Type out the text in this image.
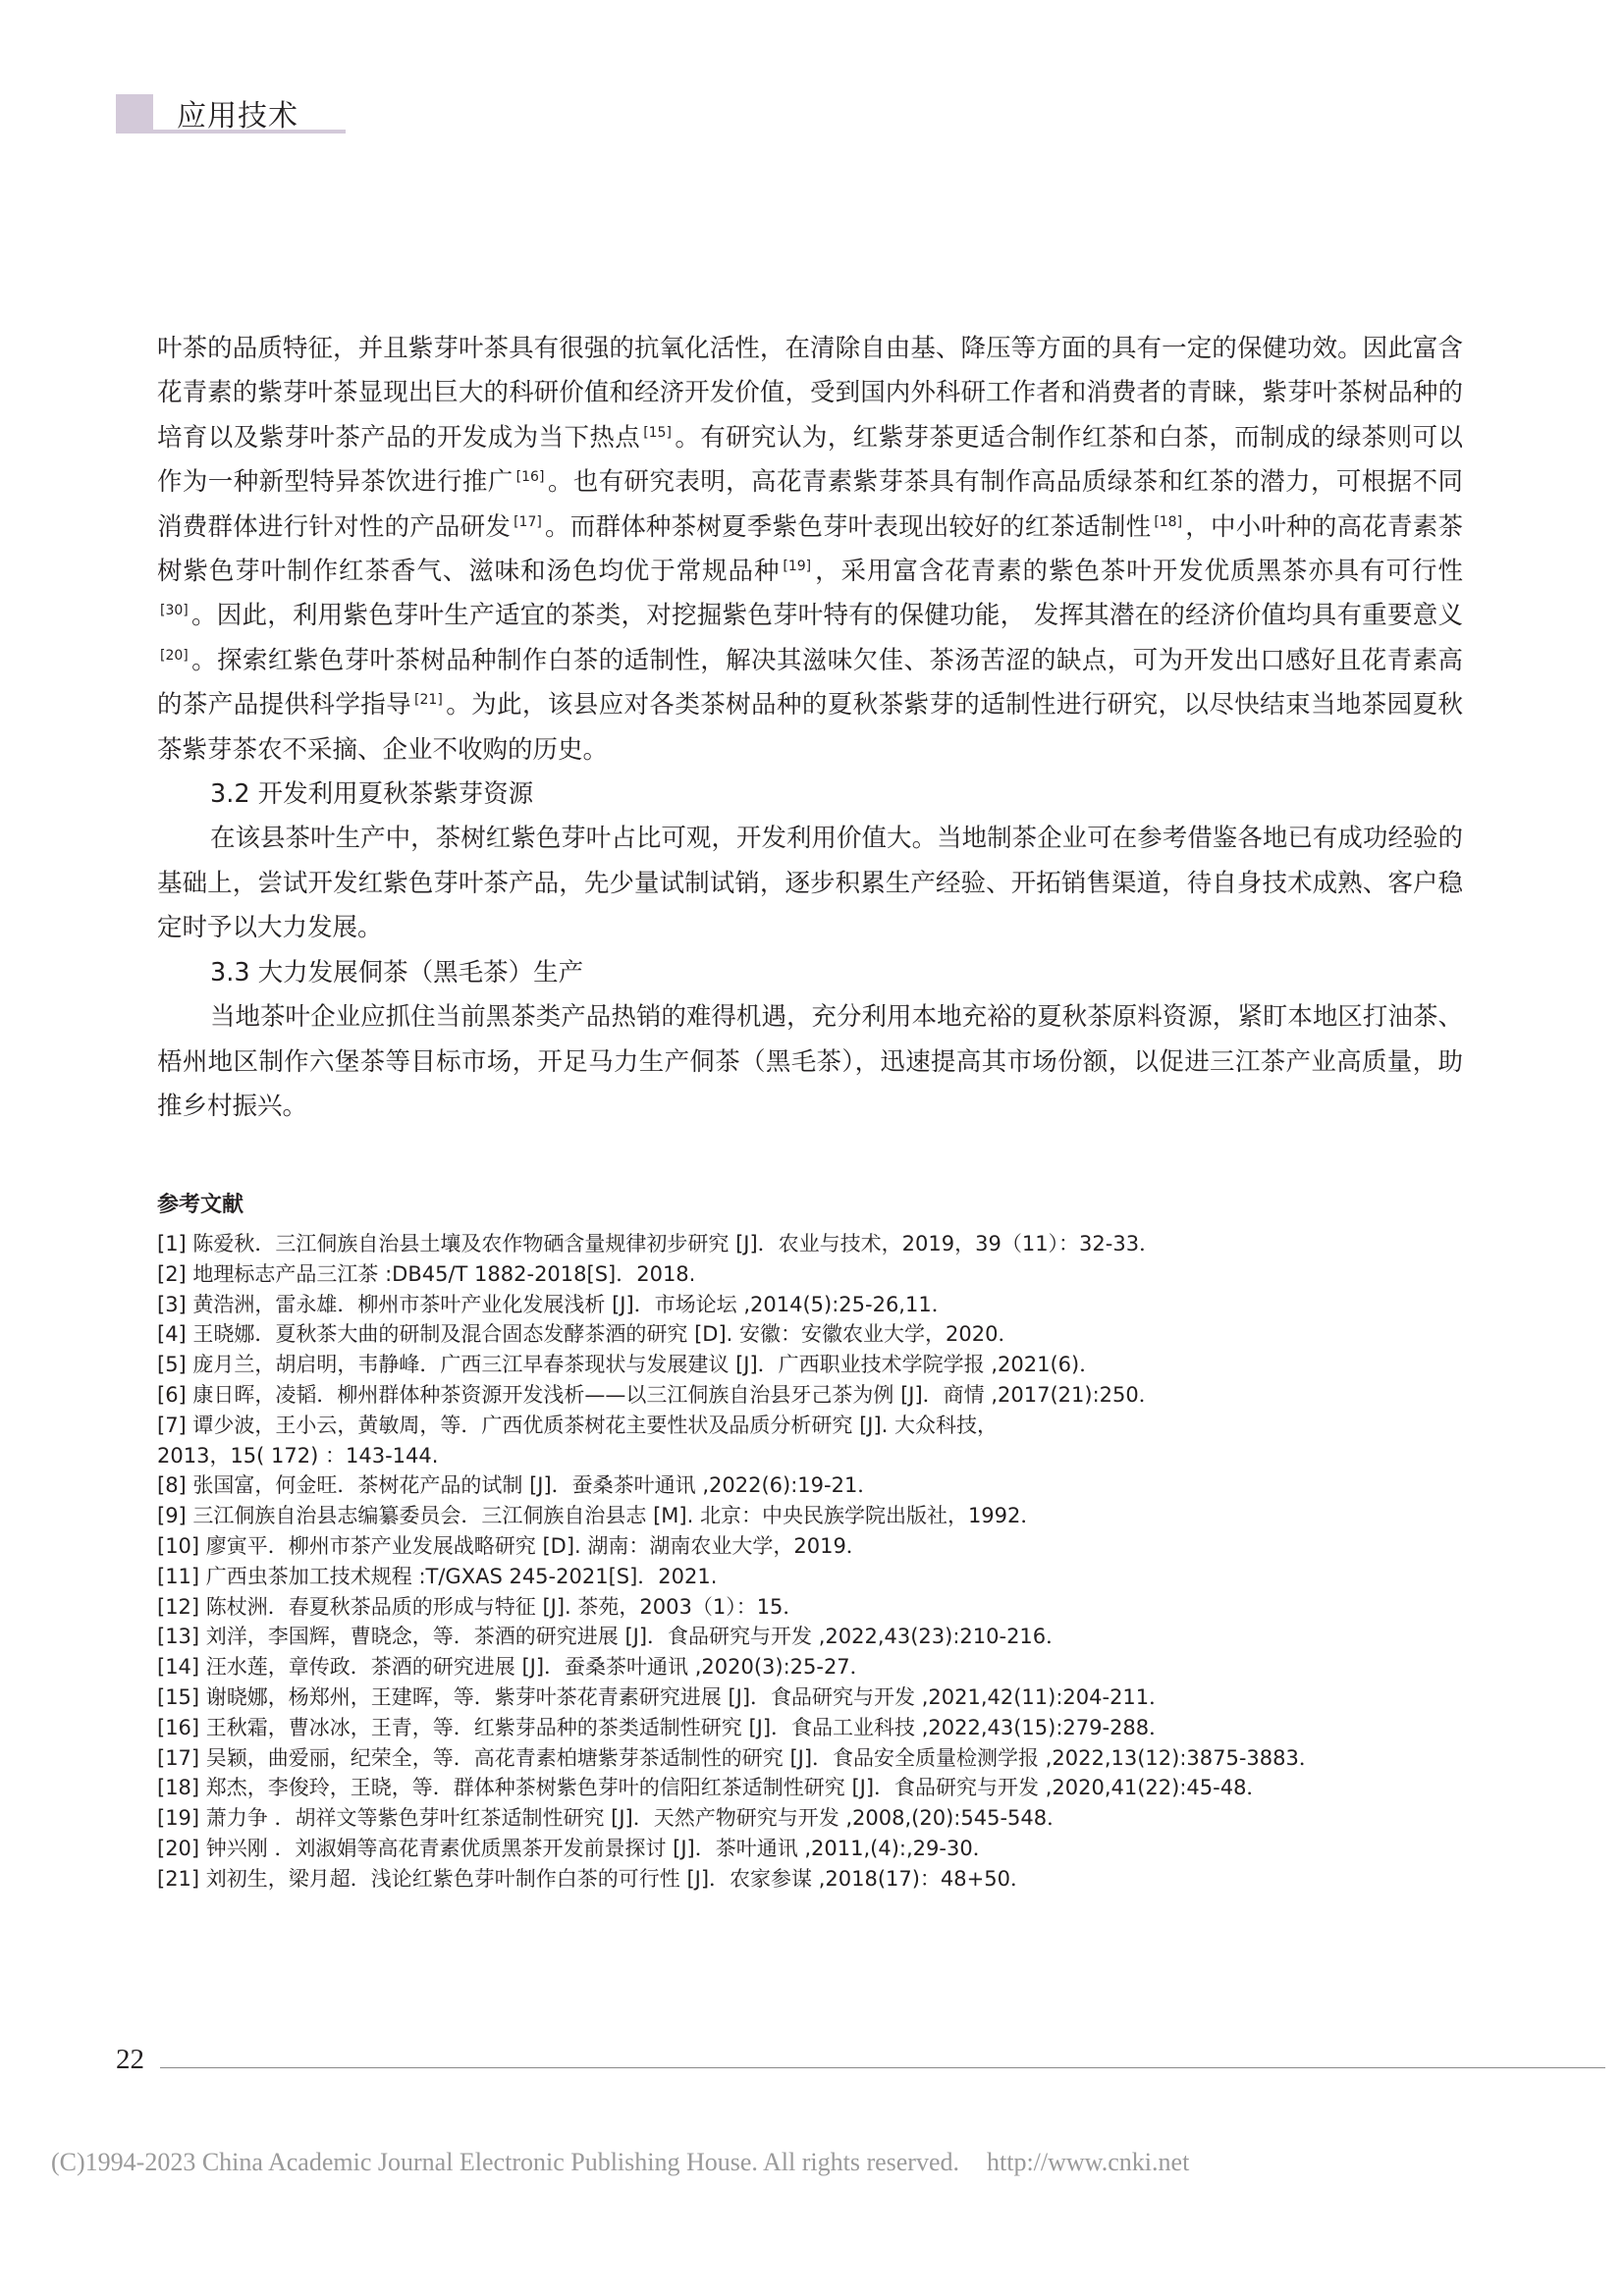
应用技术

叶茶的品质特征，并且紫芽叶茶具有很强的抗氧化活性，在清除自由基、降压等方面的具有一定的保健功效。因此富含花青素的紫芽叶茶显现出巨大的科研价值和经济开发价值，受到国内外科研工作者和消费者的青睐，紫芽叶茶树品种的培育以及紫芽叶茶产品的开发成为当下热点 [15] 。有研究认为，红紫芽茶更适合制作红茶和白茶，而制成的绿茶则可以作为一种新型特异茶饮进行推广 [16] 。也有研究表明，高花青素紫芽茶具有制作高品质绿茶和红茶的潜力，可根据不同消费群体进行针对性的产品研发 [17] 。而群体种茶树夏季紫色芽叶表现出较好的红茶适制性 [18] ，中小叶种的高花青素茶树紫色芽叶制作红茶香气、滋味和汤色均优于常规品种 [19] ，采用富含花青素的紫色茶叶开发优质黑茶亦具有可行性[30] 。因此，利用紫色芽叶生产适宜的茶类，对挖掘紫色芽叶特有的保健功能， 发挥其潜在的经济价值均具有重要意义[20] 。探索红紫色芽叶茶树品种制作白茶的适制性，解决其滋味欠佳、茶汤苦涩的缺点，可为开发出口感好且花青素高的茶产品提供科学指导 [21] 。为此，该县应对各类茶树品种的夏秋茶紫芽的适制性进行研究，以尽快结束当地茶园夏秋茶紫芽茶农不采摘、企业不收购的历史。

3.2 开发利用夏秋茶紫芽资源

在该县茶叶生产中，茶树红紫色芽叶占比可观，开发利用价值大。当地制茶企业可在参考借鉴各地已有成功经验的基础上，尝试开发红紫色芽叶茶产品，先少量试制试销，逐步积累生产经验、开拓销售渠道，待自身技术成熟、客户稳定时予以大力发展。

3.3 大力发展侗茶（黑毛茶）生产

当地茶叶企业应抓住当前黑茶类产品热销的难得机遇，充分利用本地充裕的夏秋茶原料资源，紧盯本地区打油茶、梧州地区制作六堡茶等目标市场，开足马力生产侗茶（黑毛茶），迅速提高其市场份额，以促进三江茶产业高质量，助推乡村振兴。

参考文献
[1] 陈爱秋．三江侗族自治县土壤及农作物硒含量规律初步研究 [J]．农业与技术，2019，39（11）：32-33．
[2] 地理标志产品三江茶 :DB45/T 1882-2018[S]．2018.
[3] 黄浩洲，雷永雄．柳州市茶叶产业化发展浅析 [J]．市场论坛 ,2014(5):25-26,11．
[4] 王晓娜．夏秋茶大曲的研制及混合固态发酵茶酒的研究 [D]. 安徽：安徽农业大学，2020．
[5] 庞月兰，胡启明，韦静峰．广西三江早春茶现状与发展建议 [J]．广西职业技术学院学报 ,2021(6)．
[6] 康日晖，凌韬．柳州群体种茶资源开发浅析——以三江侗族自治县牙己茶为例 [J]．商情 ,2017(21):250．
[7] 谭少波，王小云，黄敏周，等．广西优质茶树花主要性状及品质分析研究 [J]. 大众科技，
2013，15( 172) ：143-144.
[8] 张国富，何金旺．茶树花产品的试制 [J]．蚕桑茶叶通讯 ,2022(6):19-21．
[9] 三江侗族自治县志编纂委员会．三江侗族自治县志 [M]. 北京：中央民族学院出版社，1992．
[10] 廖寅平．柳州市茶产业发展战略研究 [D]. 湖南：湖南农业大学，2019．
[11] 广西虫茶加工技术规程 :T/GXAS 245-2021[S]．2021.
[12] 陈杖洲．春夏秋茶品质的形成与特征 [J]. 茶苑，2003（1）：15．
[13] 刘洋，李国辉，曹晓念，等．茶酒的研究进展 [J]．食品研究与开发 ,2022,43(23):210-216．
[14] 汪水莲，章传政．茶酒的研究进展 [J]．蚕桑茶叶通讯 ,2020(3):25-27．
[15] 谢晓娜，杨郑州，王建晖，等．紫芽叶茶花青素研究进展 [J]．食品研究与开发 ,2021,42(11):204-211．
[16] 王秋霜，曹冰冰，王青，等．红紫芽品种的茶类适制性研究 [J]．食品工业科技 ,2022,43(15):279-288．
[17] 吴颖，曲爱丽，纪荣全，等．高花青素柏塘紫芽茶适制性的研究 [J]．食品安全质量检测学报 ,2022,13(12):3875-3883．
[18] 郑杰，李俊玲，王晓，等．群体种茶树紫色芽叶的信阳红茶适制性研究 [J]．食品研究与开发 ,2020,41(22):45-48．
[19] 萧力争 ．胡祥文等紫色芽叶红茶适制性研究 [J]．天然产物研究与开发 ,2008,(20):545-548．
[20] 钟兴刚 ．刘淑娟等高花青素优质黑茶开发前景探讨 [J]．茶叶通讯 ,2011,(4):,29-30．
[21] 刘初生，梁月超．浅论红紫色芽叶制作白茶的可行性 [J]．农家参谋 ,2018(17)：48+50．
22
(C)1994-2023 China Academic Journal Electronic Publishing House. All rights reserved. http://www.cnki.net
